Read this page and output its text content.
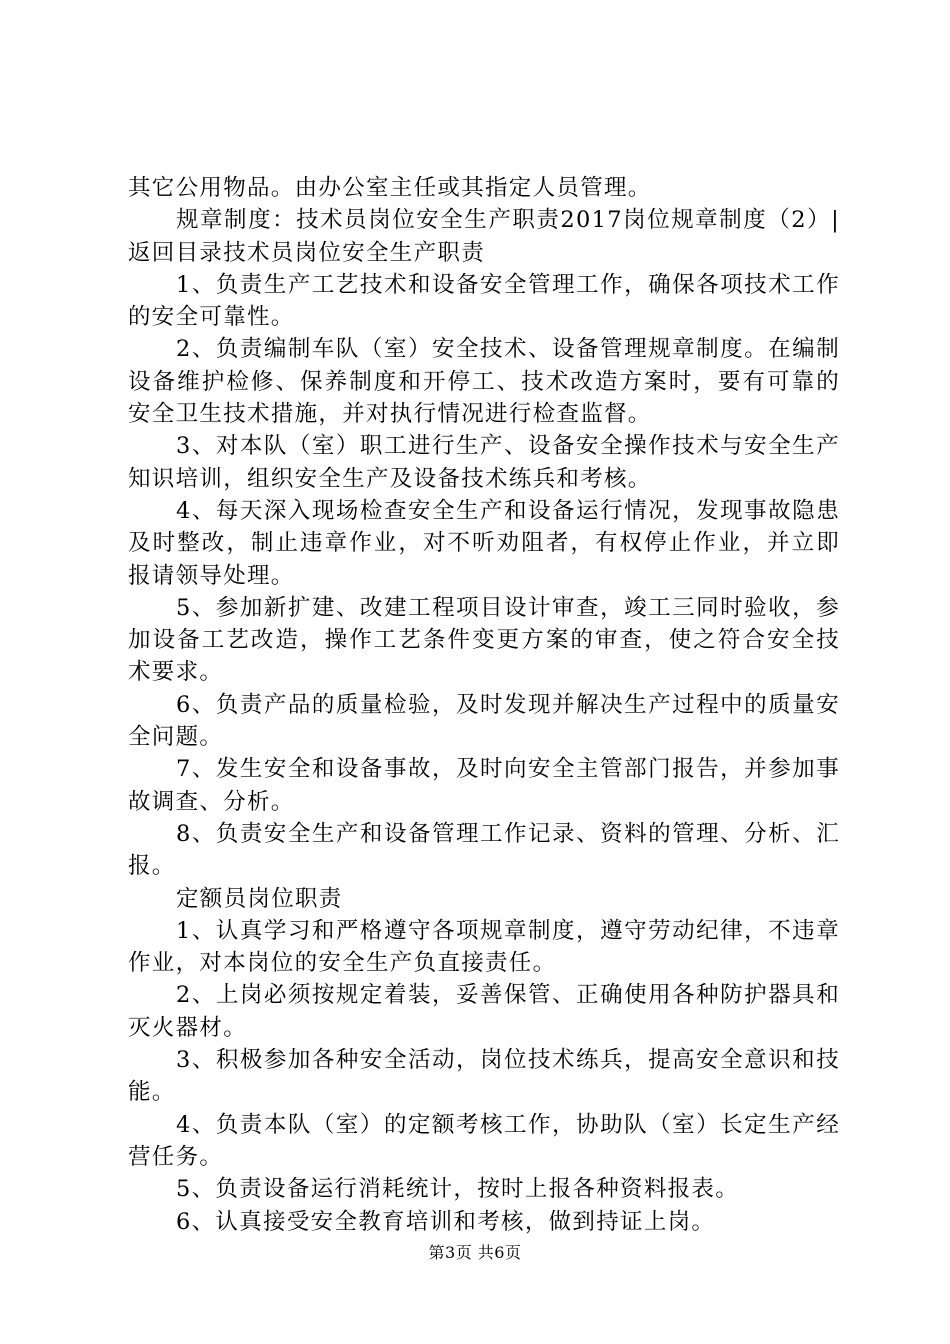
其它公用物品。由办公室主任或其指定人员管理。

规章制度：技术员岗位安全生产职责2017岗位规章制度（2）|返回目录技术员岗位安全生产职责

1、负责生产工艺技术和设备安全管理工作，确保各项技术工作的安全可靠性。

2、负责编制车队（室）安全技术、设备管理规章制度。在编制设备维护检修、保养制度和开停工、技术改造方案时，要有可靠的安全卫生技术措施，并对执行情况进行检查监督。

3、对本队（室）职工进行生产、设备安全操作技术与安全生产知识培训，组织安全生产及设备技术练兵和考核。

4、每天深入现场检查安全生产和设备运行情况，发现事故隐患及时整改，制止违章作业，对不听劝阻者，有权停止作业，并立即报请领导处理。

5、参加新扩建、改建工程项目设计审查，竣工三同时验收，参加设备工艺改造，操作工艺条件变更方案的审查，使之符合安全技术要求。

6、负责产品的质量检验，及时发现并解决生产过程中的质量安全问题。

7、发生安全和设备事故，及时向安全主管部门报告，并参加事故调查、分析。

8、负责安全生产和设备管理工作记录、资料的管理、分析、汇报。

定额员岗位职责

1、认真学习和严格遵守各项规章制度，遵守劳动纪律，不违章作业，对本岗位的安全生产负直接责任。

2、上岗必须按规定着装，妥善保管、正确使用各种防护器具和灭火器材。

3、积极参加各种安全活动，岗位技术练兵，提高安全意识和技能。

4、负责本队（室）的定额考核工作，协助队（室）长定生产经营任务。

5、负责设备运行消耗统计，按时上报各种资料报表。

6、认真接受安全教育培训和考核，做到持证上岗。

第3页 共6页
